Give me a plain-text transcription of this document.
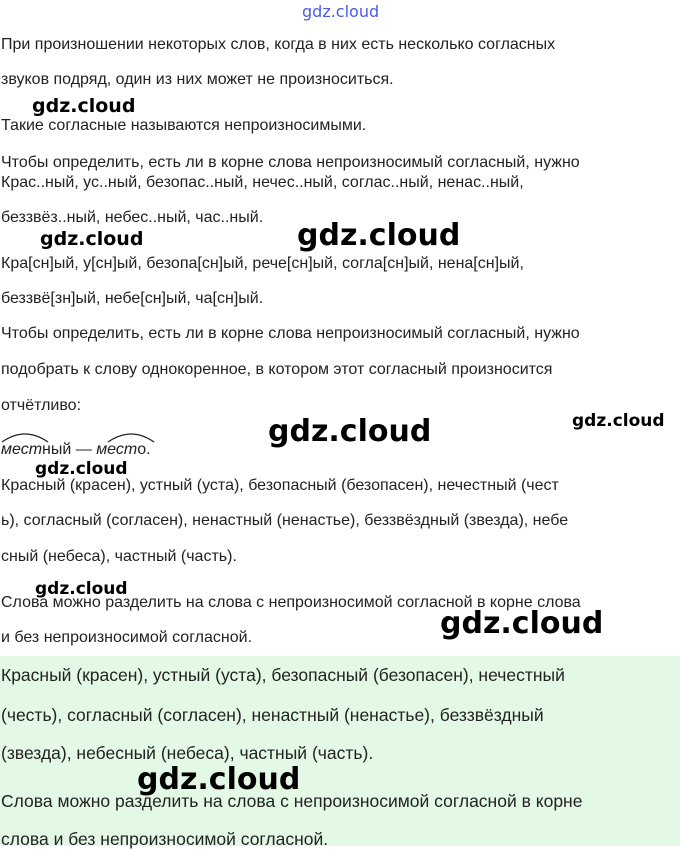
gdz.cloud
При произношении некоторых слов, когда в них есть несколько согласных
звуков подряд, один из них может не произноситься.
Такие согласные называются непроизносимыми.
Чтобы определить, есть ли в корне слова непроизносимый согласный, нужно
Крас..ный, ус..ный, безопас..ный, нечес..ный, соглас..ный, ненас..ный,
беззвёз..ный, небес..ный, час..ный.
Кра[сн]ый, у[сн]ый, безопа[сн]ый, рече[сн]ый, согла[сн]ый, нена[сн]ый,
беззвё[зн]ый, небе[сн]ый, ча[сн]ый.
Чтобы определить, есть ли в корне слова непроизносимый согласный, нужно
подобрать к слову однокоренное, в котором этот согласный произносится
отчётливо:
местный — место.
Красный (красен), устный (уста), безопасный (безопасен), нечестный (чест
ь), согласный (согласен), ненастный (ненастье), беззвёздный (звезда), небе
сный (небеса), частный (часть).
Слова можно разделить на слова с непроизносимой согласной в корне слова
и без непроизносимой согласной.
Красный (красен), устный (уста), безопасный (безопасен), нечестный
(честь), согласный (согласен), ненастный (ненастье), беззвёздный
(звезда), небесный (небеса), частный (часть).
Слова можно разделить на слова с непроизносимой согласной в корне
слова и без непроизносимой согласной.
gdz.cloud
gdz.cloud	gdz.cloud
gdz.cloud	gdz.cloud
gdz.cloud
gdz.cloud
gdz.cloud
gdz.cloud
